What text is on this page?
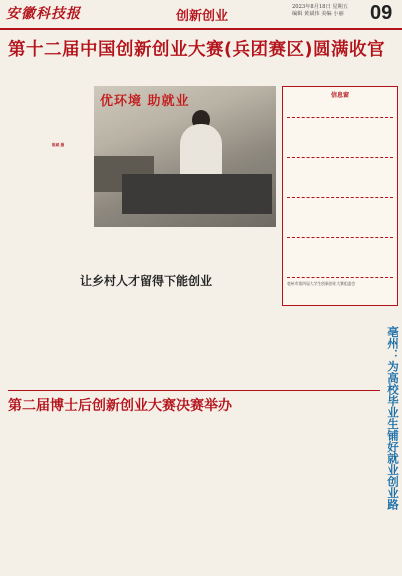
安徽科技报	创新创业
2023年8月18日 星期五
编辑 黄斌伟 美编 小丽	09
第十二届中国创新创业大赛(兵团赛区)圆满收官
陈斌 摄
优环境 助就业	信息窗
亳州市第四届大学生创新创业大赛组委会
让乡村人才留得下能创业
第二届博士后创新创业大赛决赛举办	亳州：为高校毕业生铺好就业创业路
